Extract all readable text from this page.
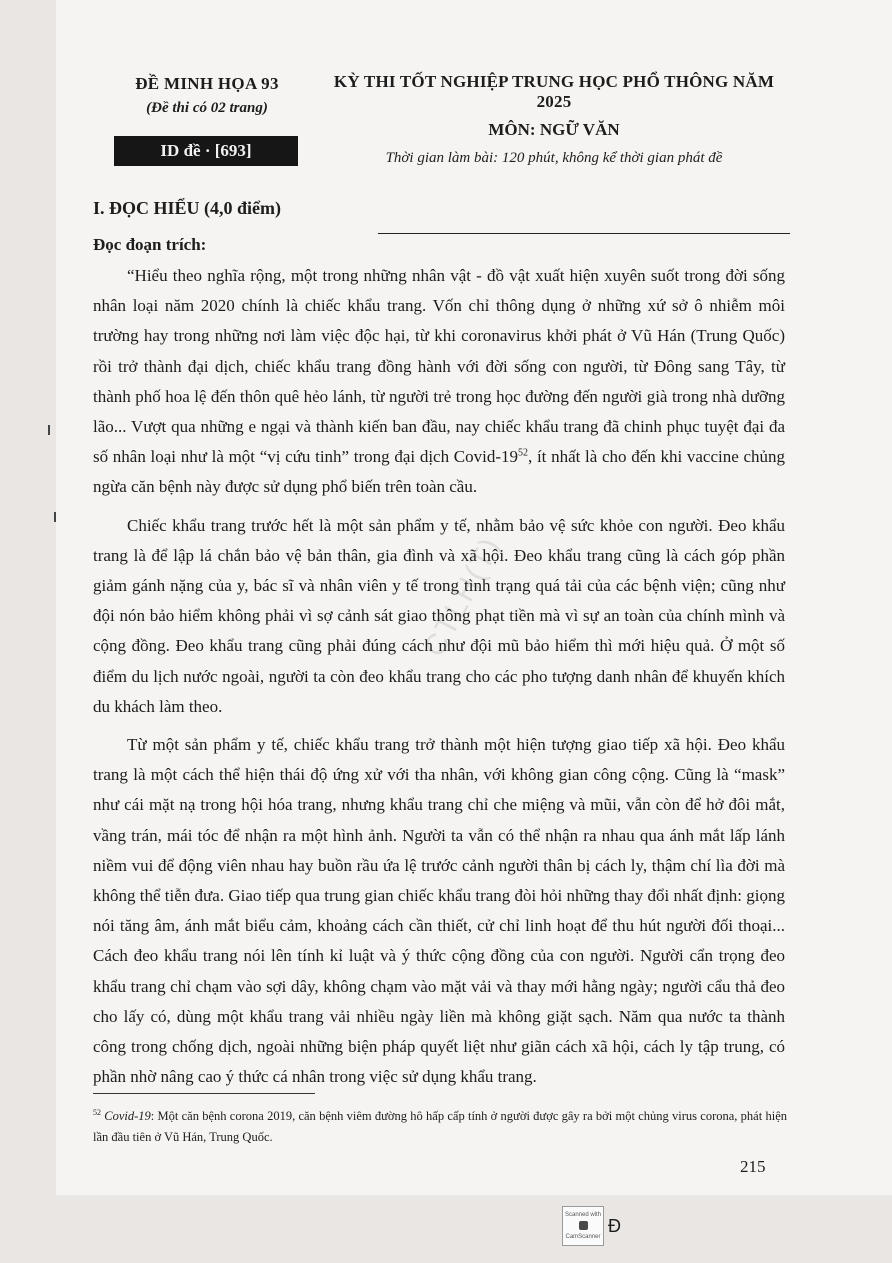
ĐỀ MINH HỌA 93
(Đề thi có 02 trang)
ID đề · [693]
KỲ THI TỐT NGHIỆP TRUNG HỌC PHỔ THÔNG NĂM 2025
MÔN: NGỮ VĂN
Thời gian làm bài: 120 phút, không kể thời gian phát đề
CTLH(T)
I. ĐỌC HIỂU (4,0 điểm)
Đọc đoạn trích:

“Hiểu theo nghĩa rộng, một trong những nhân vật - đồ vật xuất hiện xuyên suốt trong đời sống nhân loại năm 2020 chính là chiếc khẩu trang. Vốn chỉ thông dụng ở những xứ sở ô nhiễm môi trường hay trong những nơi làm việc độc hại, từ khi coronavirus khởi phát ở Vũ Hán (Trung Quốc) rồi trở thành đại dịch, chiếc khẩu trang đồng hành với đời sống con người, từ Đông sang Tây, từ thành phố hoa lệ đến thôn quê hẻo lánh, từ người trẻ trong học đường đến người già trong nhà dưỡng lão... Vượt qua những e ngại và thành kiến ban đầu, nay chiếc khẩu trang đã chinh phục tuyệt đại đa số nhân loại như là một “vị cứu tinh” trong đại dịch Covid-$19^{52}$, ít nhất là cho đến khi vaccine chủng ngừa căn bệnh này được sử dụng phổ biến trên toàn cầu.

Chiếc khẩu trang trước hết là một sản phẩm y tế, nhằm bảo vệ sức khỏe con người. Đeo khẩu trang là để lập lá chắn bảo vệ bản thân, gia đình và xã hội. Đeo khẩu trang cũng là cách góp phần giảm gánh nặng của y, bác sĩ và nhân viên y tế trong tình trạng quá tải của các bệnh viện; cũng như đội nón bảo hiểm không phải vì sợ cảnh sát giao thông phạt tiền mà vì sự an toàn của chính mình và cộng đồng. Đeo khẩu trang cũng phải đúng cách như đội mũ bảo hiểm thì mới hiệu quả. Ở một số điểm du lịch nước ngoài, người ta còn đeo khẩu trang cho các pho tượng danh nhân để khuyến khích du khách làm theo.

Từ một sản phẩm y tế, chiếc khẩu trang trở thành một hiện tượng giao tiếp xã hội. Đeo khẩu trang là một cách thể hiện thái độ ứng xử với tha nhân, với không gian công cộng. Cũng là “mask” như cái mặt nạ trong hội hóa trang, nhưng khẩu trang chỉ che miệng và mũi, vẫn còn để hở đôi mắt, vầng trán, mái tóc để nhận ra một hình ảnh. Người ta vẫn có thể nhận ra nhau qua ánh mắt lấp lánh niềm vui để động viên nhau hay buồn rầu ứa lệ trước cảnh người thân bị cách ly, thậm chí lìa đời mà không thể tiễn đưa. Giao tiếp qua trung gian chiếc khẩu trang đòi hỏi những thay đổi nhất định: giọng nói tăng âm, ánh mắt biểu cảm, khoảng cách cần thiết, cử chỉ linh hoạt để thu hút người đối thoại... Cách đeo khẩu trang nói lên tính kỉ luật và ý thức cộng đồng của con người. Người cẩn trọng đeo khẩu trang chỉ chạm vào sợi dây, không chạm vào mặt vải và thay mới hằng ngày; người cẩu thả đeo cho lấy có, dùng một khẩu trang vải nhiều ngày liền mà không giặt sạch. Năm qua nước ta thành công trong chống dịch, ngoài những biện pháp quyết liệt như giãn cách xã hội, cách ly tập trung, có phần nhờ nâng cao ý thức cá nhân trong việc sử dụng khẩu trang.

$^{52}$ Covid-19: Một căn bệnh corona 2019, căn bệnh viêm đường hô hấp cấp tính ở người được gây ra bởi một chủng virus corona, phát hiện lần đầu tiên ở Vũ Hán, Trung Quốc.
215
Scanned with
CamScanner
Đ
